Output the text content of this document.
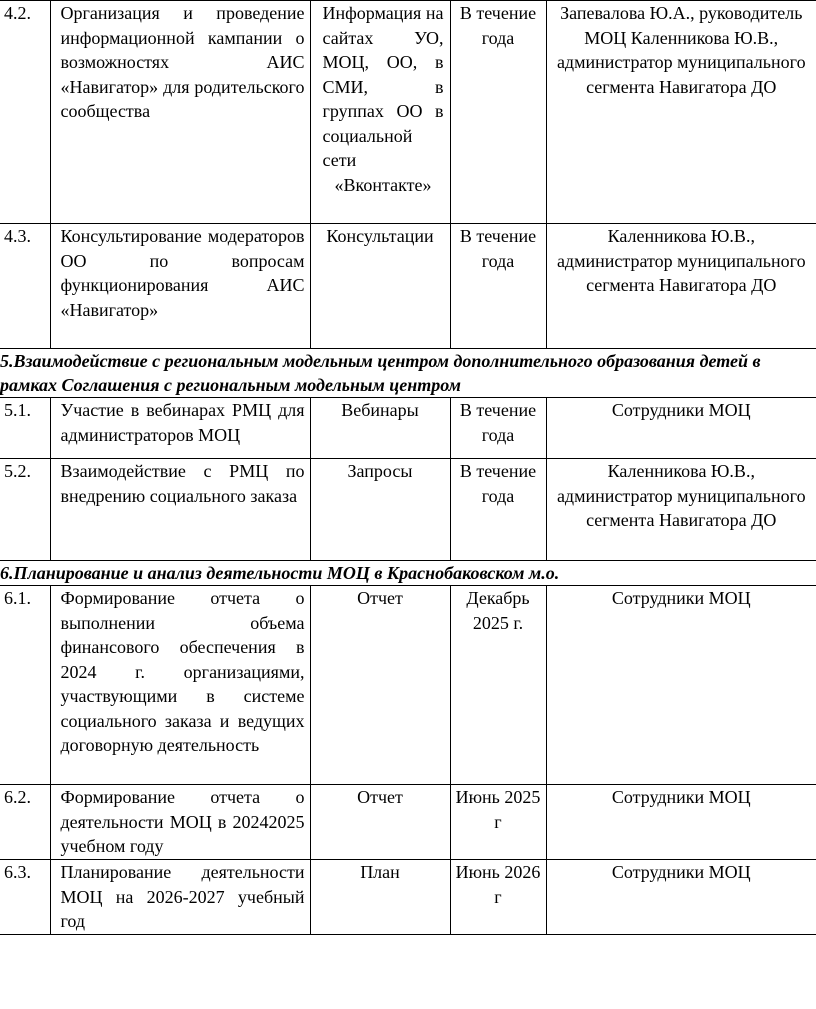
4.2.	Организация и проведение информационной кампании о возможностях АИС «Навигатор» для родительского сообщества	Информация на сайтах УО, МОЦ, ОО, в СМИ, в группах ОО в социальной сети «Вконтакте»	В течение года	Запевалова Ю.А., руководитель МОЦ Каленникова Ю.В., администратор муниципального сегмента Навигатора ДО
4.3.	Консультирование модераторов ОО по вопросам функционирования АИС «Навигатор»	Консультации	В течение года	Каленникова Ю.В., администратор муниципального сегмента Навигатора ДО
5.Взаимодействие с региональным модельным центром дополнительного образования детей в рамках Соглашения с региональным модельным центром				
5.1.	Участие в вебинарах РМЦ для администраторов МОЦ	Вебинары	В течение года	Сотрудники МОЦ
5.2.	Взаимодействие с РМЦ по внедрению социального заказа	Запросы	В течение года	Каленникова Ю.В., администратор муниципального сегмента Навигатора ДО
6.Планирование и анализ деятельности МОЦ в Краснобаковском м.о.				
6.1.	Формирование отчета о выполнении объема финансового обеспечения в 2024 г. организациями, участвующими в системе социального заказа и ведущих договорную деятельность	Отчет	Декабрь 2025 г.	Сотрудники МОЦ
6.2.	Формирование отчета о деятельности МОЦ в 20242025 учебном году	Отчет	Июнь 2025 г	Сотрудники МОЦ
6.3.	Планирование деятельности МОЦ на 2026-2027 учебный год	План	Июнь 2026 г	Сотрудники МОЦ
